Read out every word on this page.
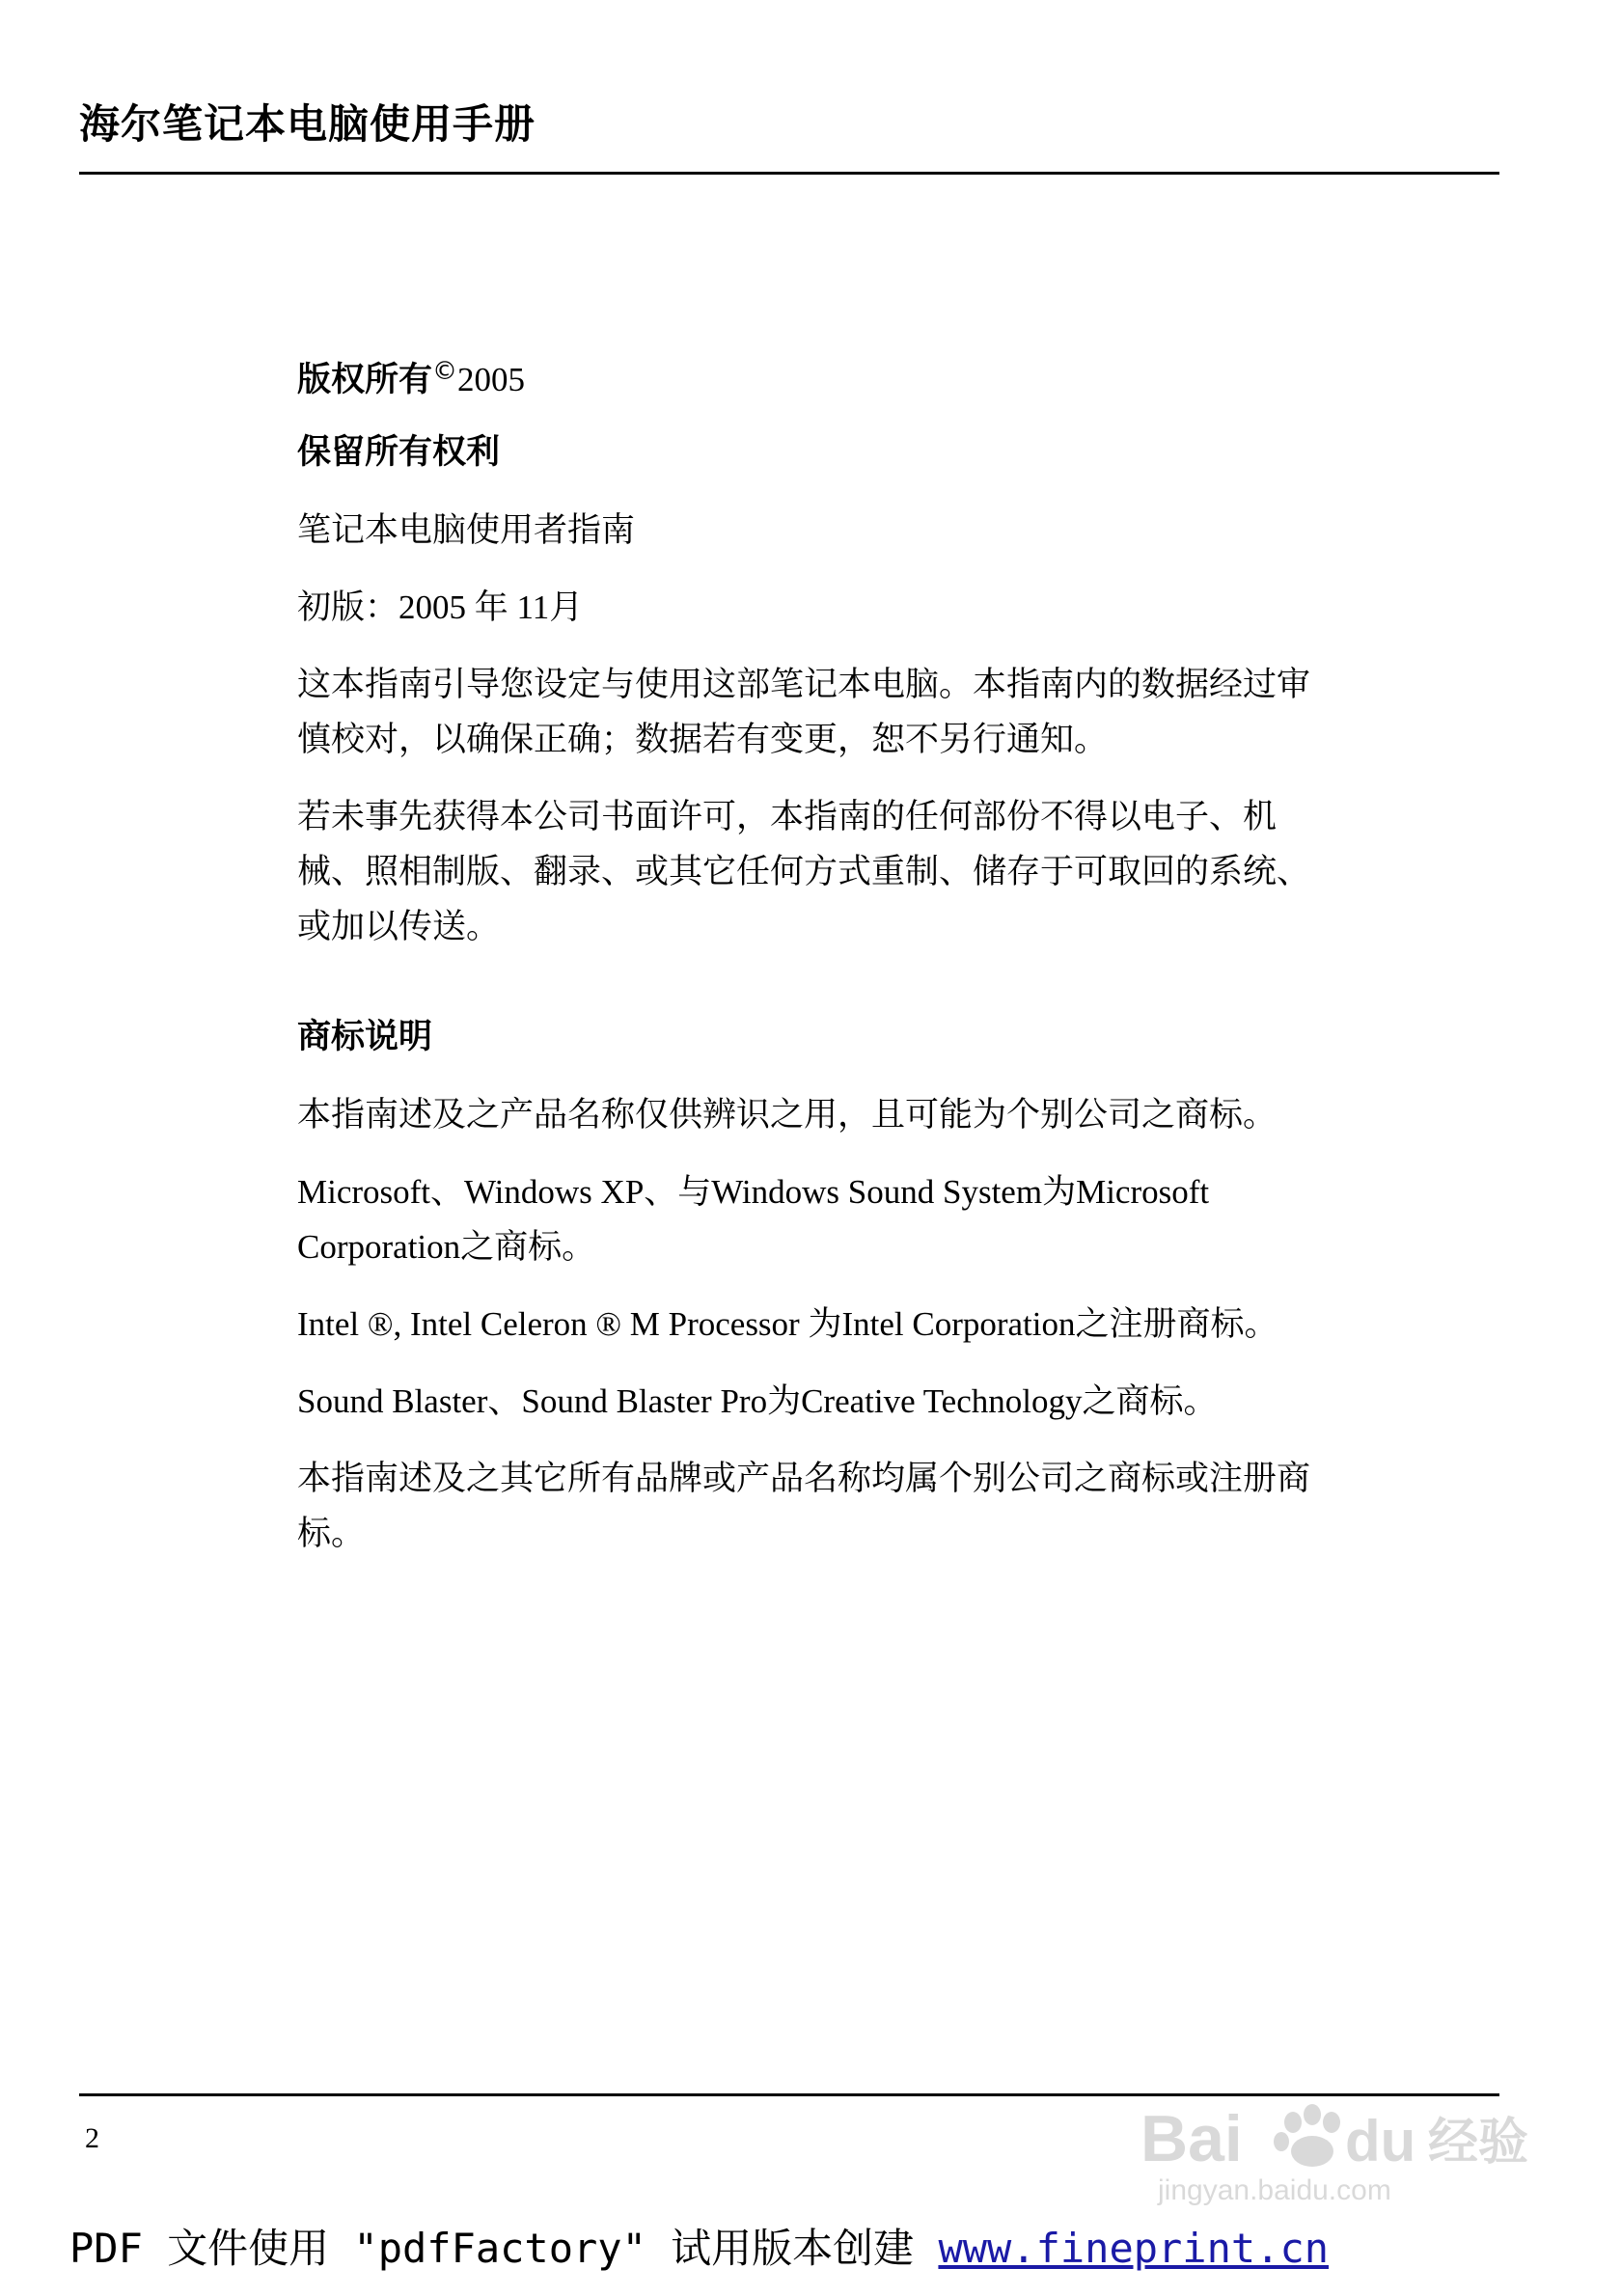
海尔笔记本电脑使用手册
版权所有©2005
保留所有权利
笔记本电脑使用者指南
初版：2005 年 11月
这本指南引导您设定与使用这部笔记本电脑。本指南内的数据经过审
慎校对，以确保正确；数据若有变更，恕不另行通知。
若未事先获得本公司书面许可，本指南的任何部份不得以电子、机
械、照相制版、翻录、或其它任何方式重制、储存于可取回的系统、
或加以传送。
商标说明
本指南述及之产品名称仅供辨识之用，且可能为个别公司之商标。
Microsoft、Windows XP、与Windows Sound System为Microsoft
Corporation之商标。
Intel ®, Intel Celeron ® M Processor 为Intel Corporation之注册商标。
Sound Blaster、Sound Blaster Pro为Creative Technology之商标。
本指南述及之其它所有品牌或产品名称均属个别公司之商标或注册商
标。
2	Bai du 经验
jingyan.baidu.com
PDF 文件使用 "pdfFactory" 试用版本创建 www.fineprint.cn
